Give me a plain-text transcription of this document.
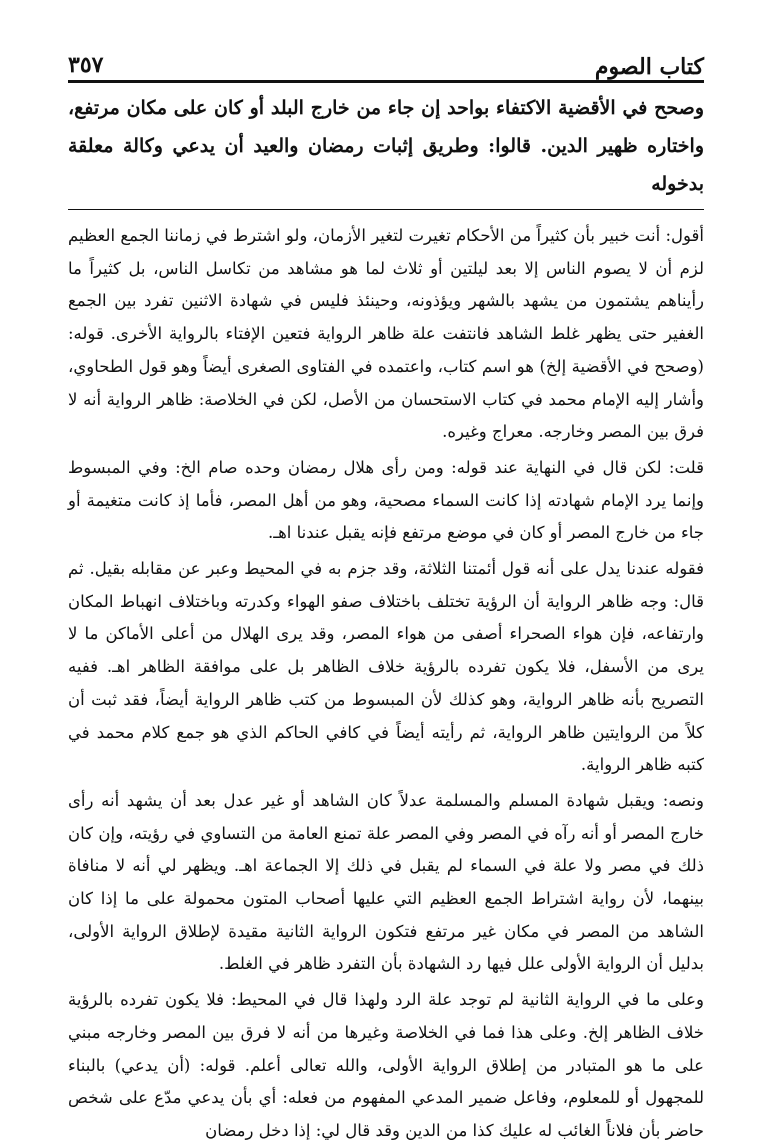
كتاب الصوم
٣٥٧
وصحح في الأقضية الاكتفاء بواحد إن جاء من خارج البلد أو كان على مكان مرتفع، واختاره ظهير الدين. قالوا: وطريق إثبات رمضان والعيد أن يدعي وكالة معلقة بدخوله

أقول: أنت خبير بأن كثيراً من الأحكام تغيرت لتغير الأزمان، ولو اشترط في زماننا الجمع العظيم لزم أن لا يصوم الناس إلا بعد ليلتين أو ثلاث لما هو مشاهد من تكاسل الناس، بل كثيراً ما رأيناهم يشتمون من يشهد بالشهر ويؤذونه، وحينئذ فليس في شهادة الاثنين تفرد بين الجمع الغفير حتى يظهر غلط الشاهد فانتفت علة ظاهر الرواية فتعين الإفتاء بالرواية الأخرى. قوله: (وصحح في الأقضية إلخ) هو اسم كتاب، واعتمده في الفتاوى الصغرى أيضاً وهو قول الطحاوي، وأشار إليه الإمام محمد في كتاب الاستحسان من الأصل، لكن في الخلاصة: ظاهر الرواية أنه لا فرق بين المصر وخارجه. معراج وغيره.

قلت: لكن قال في النهاية عند قوله: ومن رأى هلال رمضان وحده صام الخ: وفي المبسوط وإنما يرد الإمام شهادته إذا كانت السماء مصحية، وهو من أهل المصر، فأما إذ كانت متغيمة أو جاء من خارج المصر أو كان في موضع مرتفع فإنه يقبل عندنا اهـ.

فقوله عندنا يدل على أنه قول أئمتنا الثلاثة، وقد جزم به في المحيط وعبر عن مقابله بقيل. ثم قال: وجه ظاهر الرواية أن الرؤية تختلف باختلاف صفو الهواء وكدرته وباختلاف انهباط المكان وارتفاعه، فإن هواء الصحراء أصفى من هواء المصر، وقد يرى الهلال من أعلى الأماكن ما لا يرى من الأسفل، فلا يكون تفرده بالرؤية خلاف الظاهر بل على موافقة الظاهر اهـ. ففيه التصريح بأنه ظاهر الرواية، وهو كذلك لأن المبسوط من كتب ظاهر الرواية أيضاً، فقد ثبت أن كلاً من الروايتين ظاهر الرواية، ثم رأيته أيضاً في كافي الحاكم الذي هو جمع كلام محمد في كتبه ظاهر الرواية.

ونصه: ويقبل شهادة المسلم والمسلمة عدلاً كان الشاهد أو غير عدل بعد أن يشهد أنه رأى خارج المصر أو أنه رآه في المصر وفي المصر علة تمنع العامة من التساوي في رؤيته، وإن كان ذلك في مصر ولا علة في السماء لم يقبل في ذلك إلا الجماعة اهـ. ويظهر لي أنه لا منافاة بينهما، لأن رواية اشتراط الجمع العظيم التي عليها أصحاب المتون محمولة على ما إذا كان الشاهد من المصر في مكان غير مرتفع فتكون الرواية الثانية مقيدة لإطلاق الرواية الأولى، بدليل أن الرواية الأولى علل فيها رد الشهادة بأن التفرد ظاهر في الغلط.

وعلى ما في الرواية الثانية لم توجد علة الرد ولهذا قال في المحيط: فلا يكون تفرده بالرؤية خلاف الظاهر إلخ. وعلى هذا فما في الخلاصة وغيرها من أنه لا فرق بين المصر وخارجه مبني على ما هو المتبادر من إطلاق الرواية الأولى، والله تعالى أعلم. قوله: (أن يدعي) بالبناء للمجهول أو للمعلوم، وفاعل ضمير المدعي المفهوم من فعله: أي بأن يدعي مدّع على شخص حاضر بأن فلاناً الغائب له عليك كذا من الدين وقد قال لي: إذا دخل رمضان
